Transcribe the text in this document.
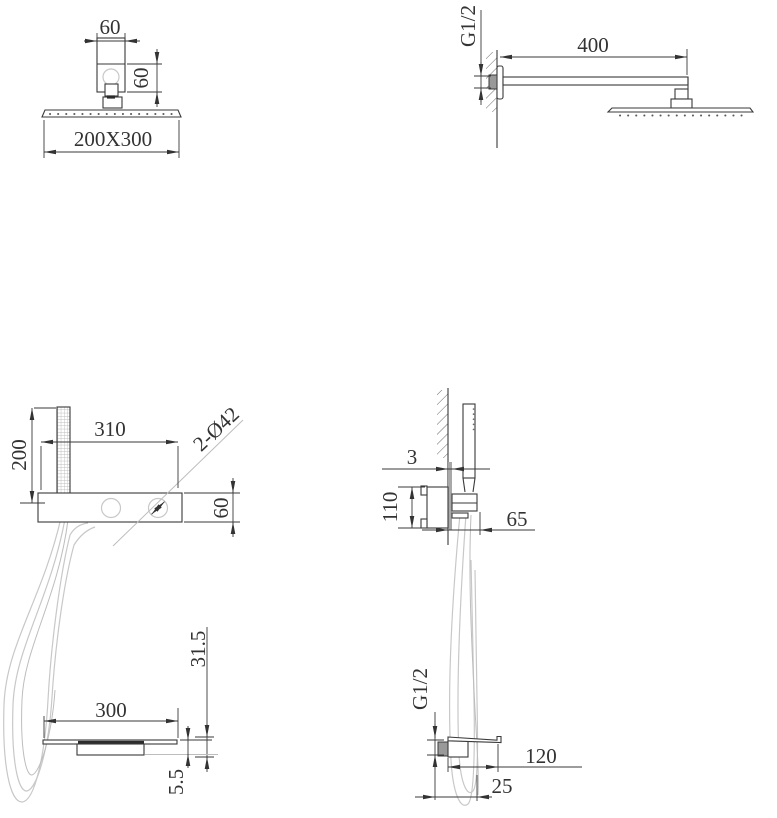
60
60
200X300
G1/2	400
2-Ø42
200
310
60
3
110	65
300
31.5
5.5
G1/2
120
25
